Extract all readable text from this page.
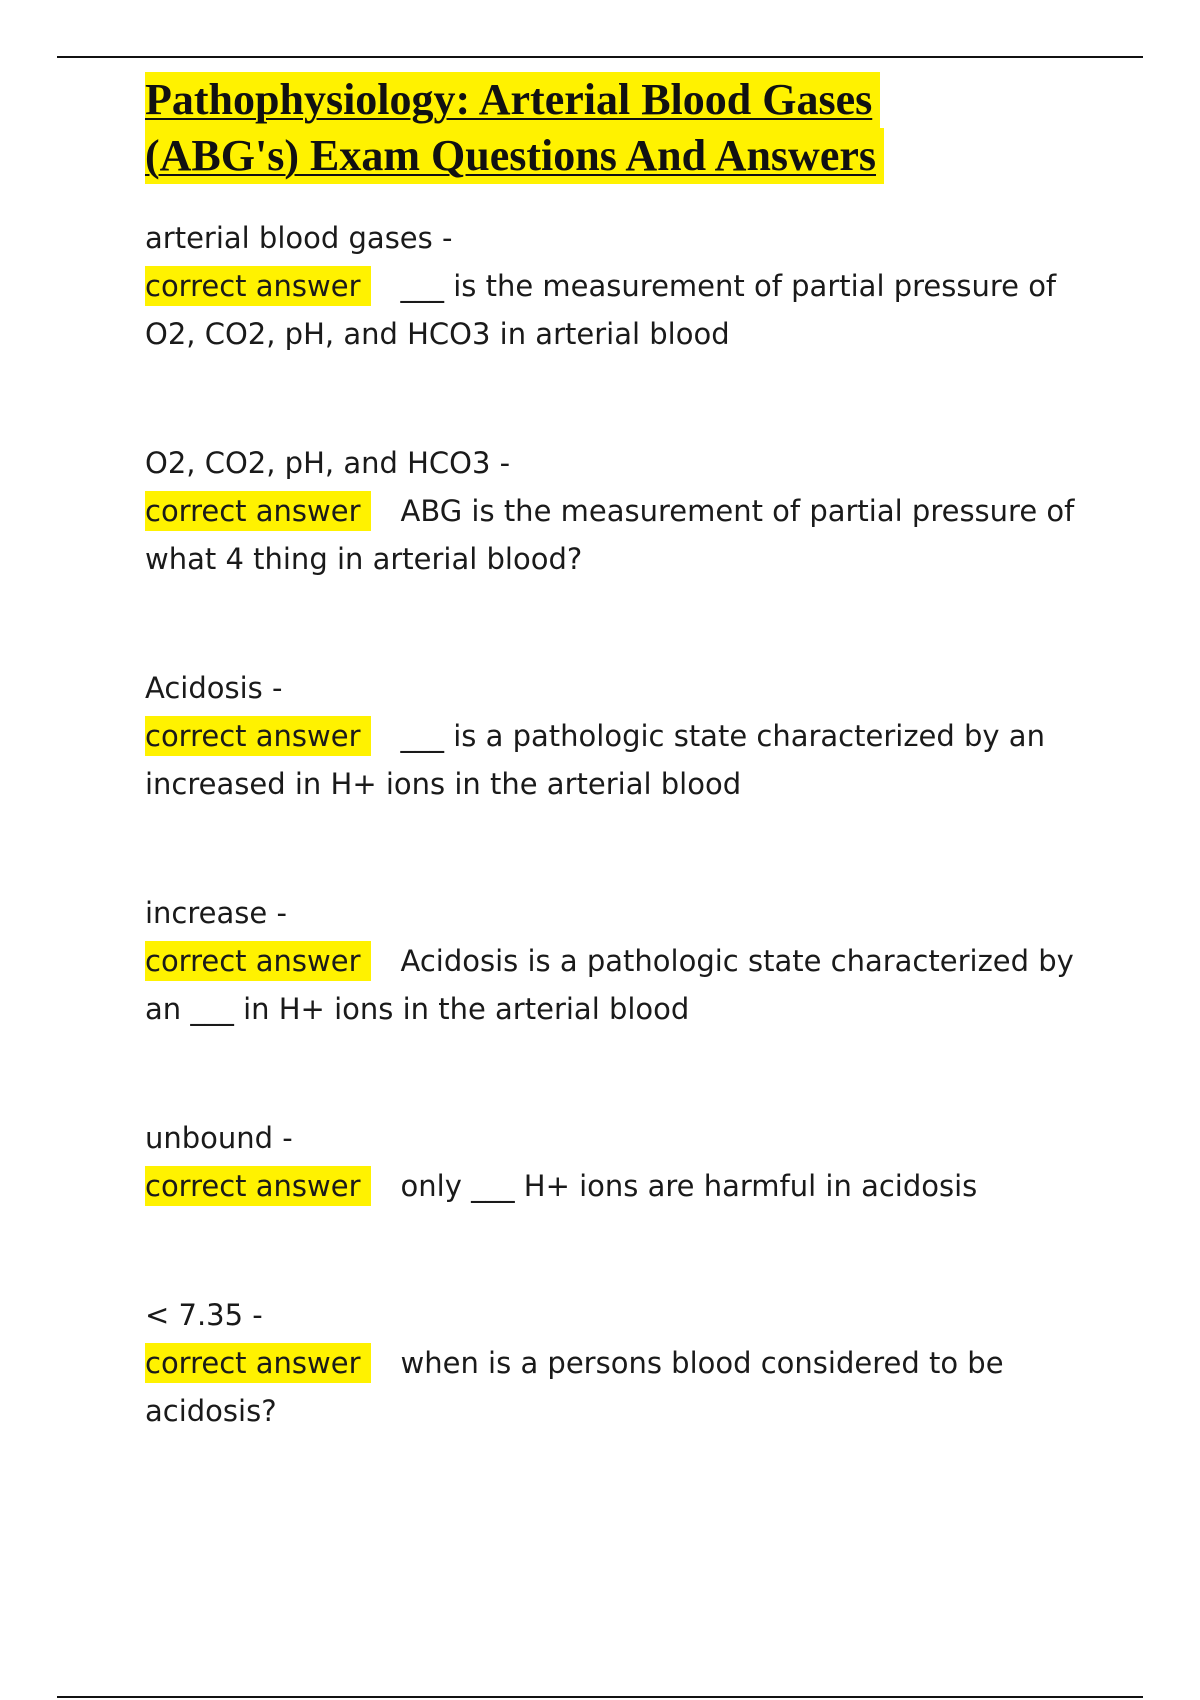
Pathophysiology: Arterial Blood Gases
(ABG's) Exam Questions And Answers
arterial blood gases -
correct answer ___ is the measurement of partial pressure of O2, CO2, pH, and HCO3 in arterial blood
O2, CO2, pH, and HCO3 -
correct answer ABG is the measurement of partial pressure of what 4 thing in arterial blood?
Acidosis -
correct answer ___ is a pathologic state characterized by an increased in H+ ions in the arterial blood
increase -
correct answer Acidosis is a pathologic state characterized by an ___ in H+ ions in the arterial blood
unbound -
correct answer only ___ H+ ions are harmful in acidosis
< 7.35 -
correct answer when is a persons blood considered to be acidosis?
